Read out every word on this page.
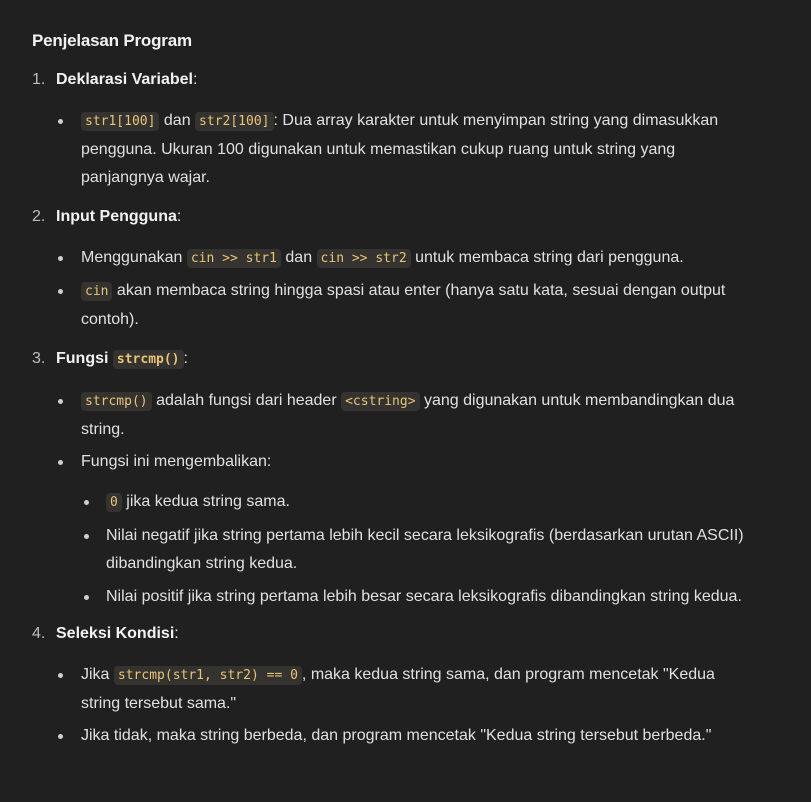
Penjelasan Program
1. Deklarasi Variabel:
str1[100] dan str2[100] : Dua array karakter untuk menyimpan string yang dimasukkan pengguna. Ukuran 100 digunakan untuk memastikan cukup ruang untuk string yang panjangnya wajar.
2. Input Pengguna:
Menggunakan cin >> str1 dan cin >> str2 untuk membaca string dari pengguna.
cin akan membaca string hingga spasi atau enter (hanya satu kata, sesuai dengan output contoh).
3. Fungsi strcmp() :
strcmp() adalah fungsi dari header <cstring> yang digunakan untuk membandingkan dua string.
Fungsi ini mengembalikan:
0 jika kedua string sama.
Nilai negatif jika string pertama lebih kecil secara leksikografis (berdasarkan urutan ASCII) dibandingkan string kedua.
Nilai positif jika string pertama lebih besar secara leksikografis dibandingkan string kedua.
4. Seleksi Kondisi:
Jika strcmp(str1, str2) == 0 , maka kedua string sama, dan program mencetak "Kedua string tersebut sama."
Jika tidak, maka string berbeda, dan program mencetak "Kedua string tersebut berbeda."
